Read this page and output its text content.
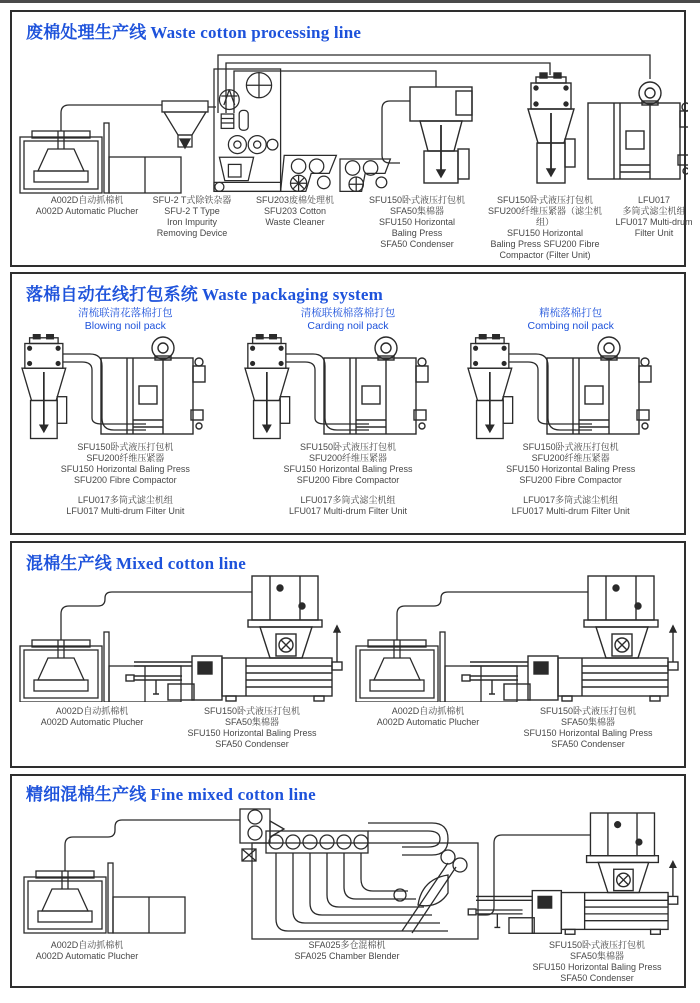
废棉处理生产线 Waste cotton processing line
A002D自动抓棉机
A002D Automatic Plucher
SFU-2 T式除铁杂器
SFU-2 T Type
Iron Impurity
Removing Device
SFU203废棉处理机
SFU203 Cotton
Waste Cleaner
SFU150卧式液压打包机
SFA50集棉器
SFU150 Horizontal
Baling Press
SFA50 Condenser
SFU150卧式液压打包机
SFU200纤维压紧器（滤尘机组）
SFU150 Horizontal
Baling Press SFU200 Fibre
Compactor (Filter Unit)
LFU017
多筒式滤尘机组
LFU017 Multi-drum
Filter Unit
落棉自动在线打包系统 Waste packaging system
清梳联清花落棉打包
Blowing noil pack
SFU150卧式液压打包机
SFU200纤维压紧器
SFU150 Horizontal Baling Press
SFU200 Fibre Compactor
LFU017多筒式滤尘机组
LFU017 Multi-drum Filter Unit
清梳联梳棉落棉打包
Carding noil pack
SFU150卧式液压打包机
SFU200纤维压紧器
SFU150 Horizontal Baling Press
SFU200 Fibre Compactor
LFU017多筒式滤尘机组
LFU017 Multi-drum Filter Unit
精梳落棉打包
Combing noil pack
SFU150卧式液压打包机
SFU200纤维压紧器
SFU150 Horizontal Baling Press
SFU200 Fibre Compactor
LFU017多筒式滤尘机组
LFU017 Multi-drum Filter Unit
混棉生产线 Mixed cotton line
A002D自动抓棉机
A002D Automatic Plucher
SFU150卧式液压打包机
SFA50集棉器
SFU150 Horizontal Baling Press
SFA50 Condenser
A002D自动抓棉机
A002D Automatic Plucher
SFU150卧式液压打包机
SFA50集棉器
SFU150 Horizontal Baling Press
SFA50 Condenser
精细混棉生产线 Fine mixed cotton line
A002D自动抓棉机
A002D Automatic Plucher
SFA025多仓混棉机
SFA025 Chamber Blender
SFU150卧式液压打包机
SFA50集棉器
SFU150 Horizontal Baling Press
SFA50 Condenser
